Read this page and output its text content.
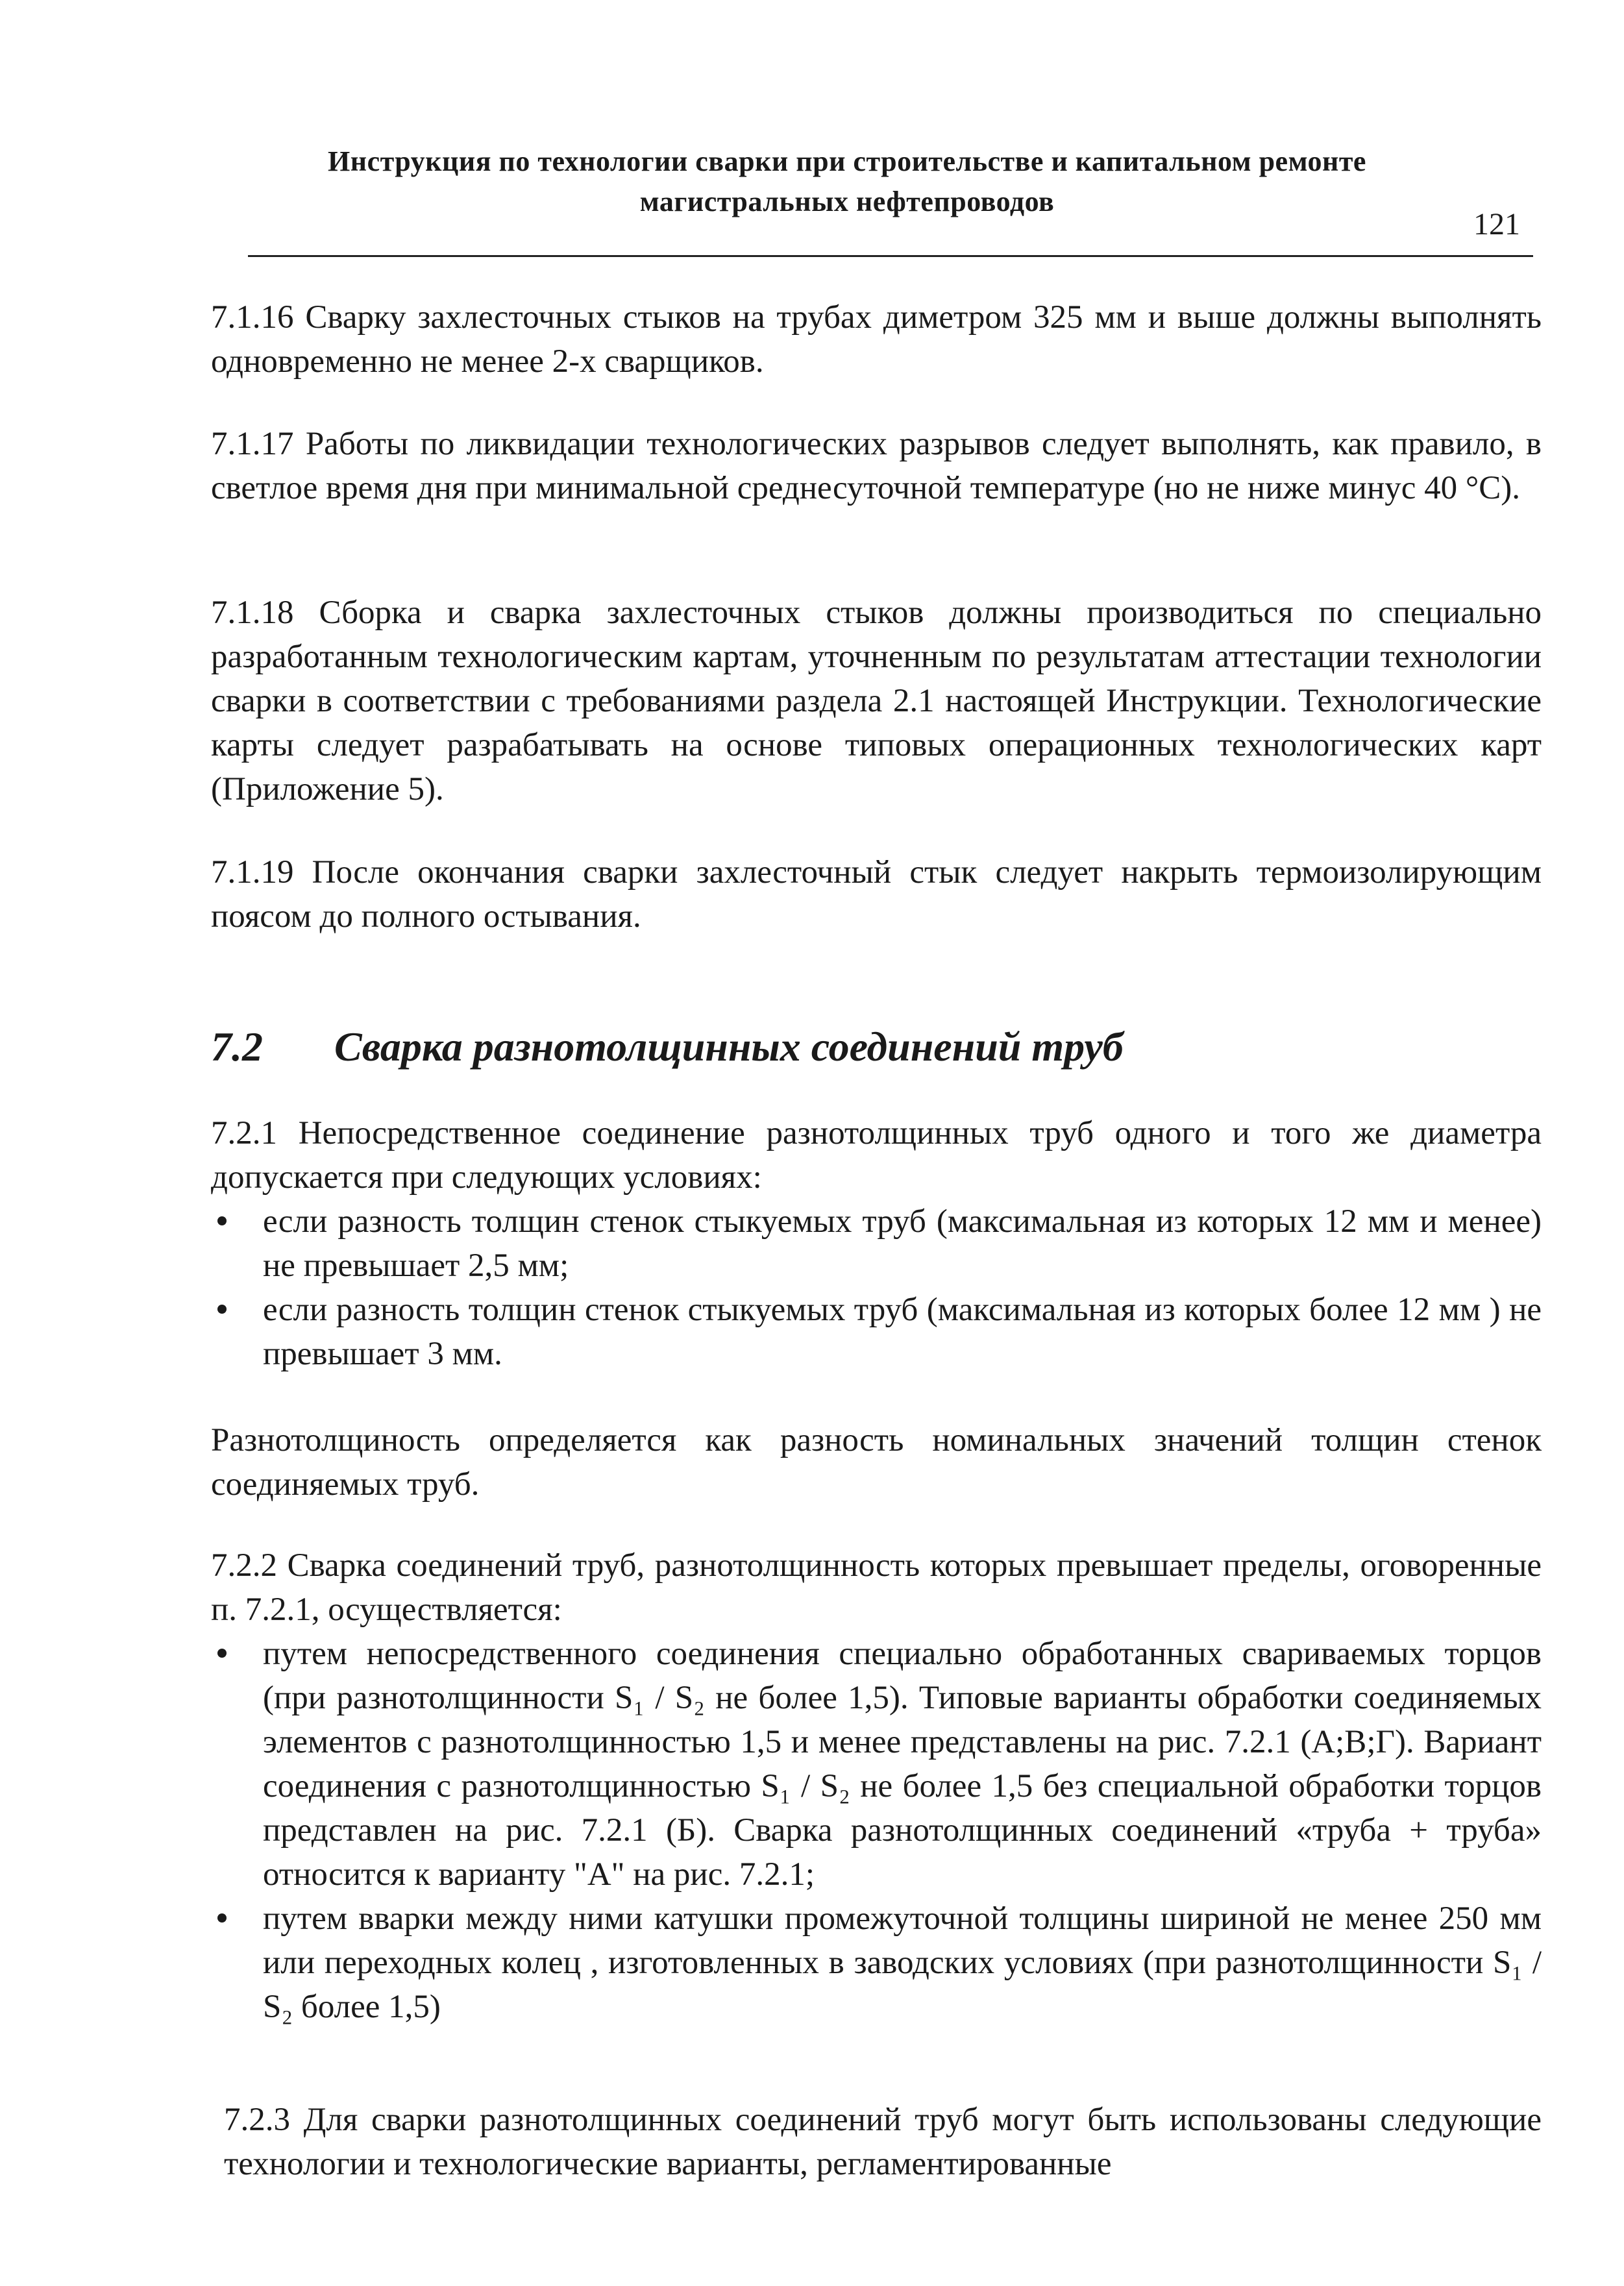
Инструкция по технологии сварки при строительстве и капитальном ремонте
магистральных нефтепроводов
121
7.1.16 Сварку захлесточных стыков на трубах диметром 325 мм и выше должны выполнять одновременно не менее 2-х сварщиков.
7.1.17 Работы по ликвидации технологических разрывов следует выполнять, как правило, в светлое время дня при минимальной среднесуточной температуре (но не ниже минус 40 °С).
7.1.18 Сборка и сварка захлесточных стыков должны производиться по специально разработанным технологическим картам, уточненным по результатам аттестации технологии сварки в соответствии с требованиями раздела 2.1 настоящей Инструкции. Технологические карты следует разрабатывать на основе типовых операционных технологических карт (Приложение 5).
7.1.19 После окончания сварки захлесточный стык следует накрыть термоизолирующим поясом до полного остывания.
7.2 Сварка разнотолщинных соединений труб
7.2.1 Непосредственное соединение разнотолщинных труб одного и того же диаметра допускается при следующих условиях:
если разность толщин стенок стыкуемых труб (максимальная из которых 12 мм и менее) не превышает 2,5 мм;
если разность толщин стенок стыкуемых труб (максимальная из которых более 12 мм ) не превышает 3 мм.
Разнотолщиность определяется как разность номинальных значений толщин стенок соединяемых труб.
7.2.2 Сварка соединений труб, разнотолщинность которых превышает пределы, оговоренные п. 7.2.1, осуществляется:
путем непосредственного соединения специально обработанных свариваемых торцов (при разнотолщинности S₁ / S₂ не более 1,5). Типовые варианты обработки соединяемых элементов с разнотолщинностью 1,5 и менее представлены на рис. 7.2.1 (А;В;Г). Вариант соединения с разнотолщинностью S₁ / S₂ не более 1,5 без специальной обработки торцов представлен на рис. 7.2.1 (Б). Сварка разнотолщинных соединений «труба + труба» относится к варианту "А" на рис. 7.2.1;
путем вварки между ними катушки промежуточной толщины шириной не менее 250 мм или переходных колец , изготовленных в заводских условиях (при разнотолщинности S₁ / S₂ более 1,5)
7.2.3 Для сварки разнотолщинных соединений труб могут быть использованы следующие технологии и технологические варианты, регламентированные
